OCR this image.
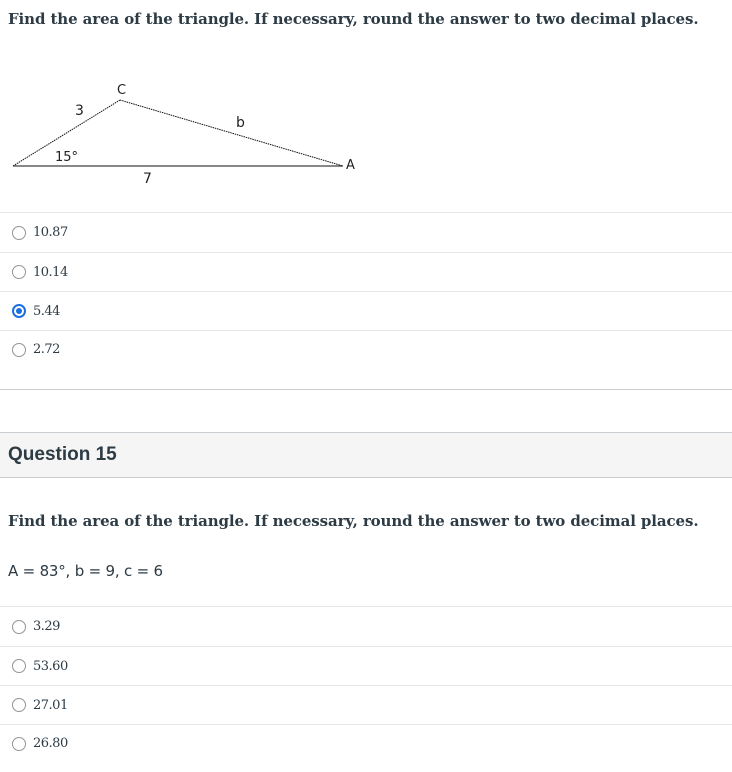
Find the area of the triangle. If necessary, round the answer to two decimal places.
C
A
3
b
7
15°
10.87
10.14
5.44
2.72
Question 15
Find the area of the triangle. If necessary, round the answer to two decimal places.
A = 83°, b = 9, c = 6
3.29
53.60
27.01
26.80
